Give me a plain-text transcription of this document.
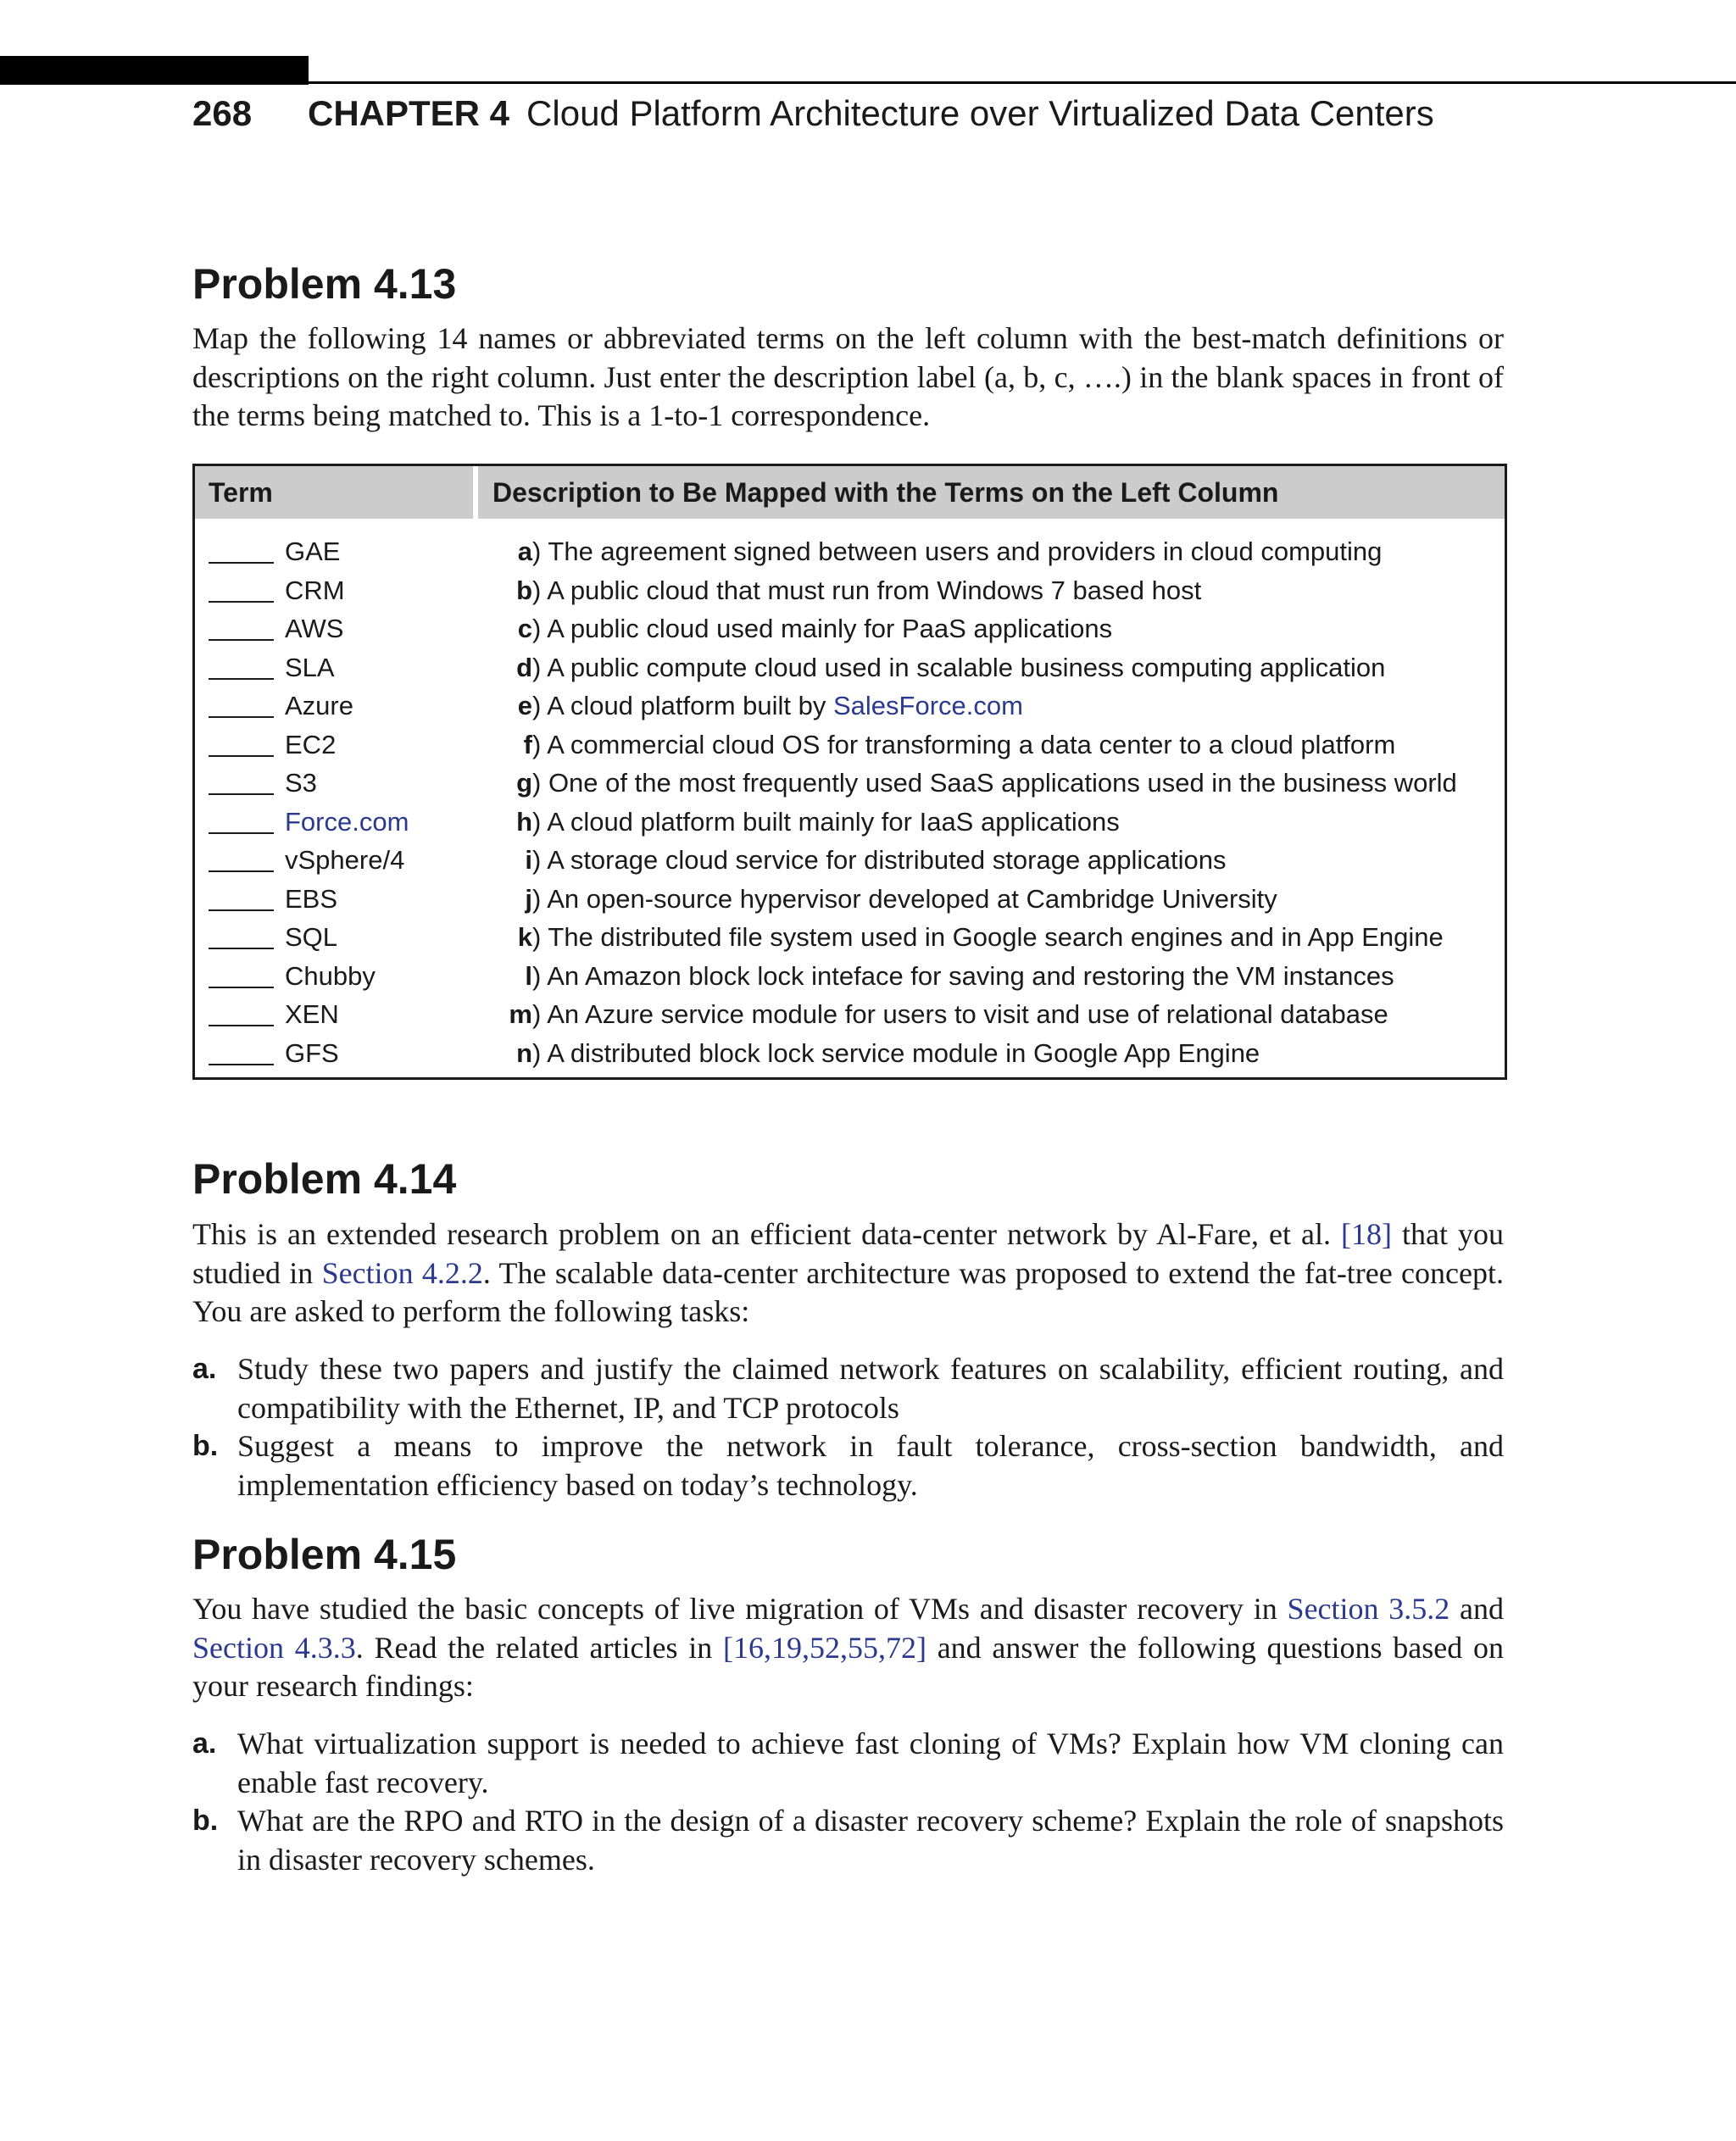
268	CHAPTER 4 Cloud Platform Architecture over Virtualized Data Centers
Problem 4.13
Map the following 14 names or abbreviated terms on the left column with the best-match definitions or descriptions on the right column. Just enter the description label (a, b, c, ….) in the blank spaces in front of the terms being matched to. This is a 1-to-1 correspondence.
Term	Description to Be Mapped with the Terms on the Left Column
GAE	a ) The agreement signed between users and providers in cloud computing
CRM	b ) A public cloud that must run from Windows 7 based host
AWS	c ) A public cloud used mainly for PaaS applications
SLA	d ) A public compute cloud used in scalable business computing application
Azure	e ) A cloud platform built by SalesForce.com
EC2	f ) A commercial cloud OS for transforming a data center to a cloud platform
S3	g ) One of the most frequently used SaaS applications used in the business world
Force.com	h ) A cloud platform built mainly for IaaS applications
vSphere/4	i ) A storage cloud service for distributed storage applications
EBS	j ) An open-source hypervisor developed at Cambridge University
SQL	k ) The distributed file system used in Google search engines and in App Engine
Chubby	l ) An Amazon block lock inteface for saving and restoring the VM instances
XEN	m ) An Azure service module for users to visit and use of relational database
GFS	n ) A distributed block lock service module in Google App Engine
Problem 4.14
This is an extended research problem on an efficient data-center network by Al-Fare, et al. [18] that you studied in Section 4.2.2. The scalable data-center architecture was proposed to extend the fat-tree concept. You are asked to perform the following tasks:
a. Study these two papers and justify the claimed network features on scalability, efficient routing, and compatibility with the Ethernet, IP, and TCP protocols
b. Suggest a means to improve the network in fault tolerance, cross-section bandwidth, and implementation efficiency based on today’s technology.
Problem 4.15
You have studied the basic concepts of live migration of VMs and disaster recovery in Section 3.5.2 and Section 4.3.3. Read the related articles in [16,19,52,55,72] and answer the following questions based on your research findings:
a. What virtualization support is needed to achieve fast cloning of VMs? Explain how VM cloning can enable fast recovery.
b. What are the RPO and RTO in the design of a disaster recovery scheme? Explain the role of snapshots in disaster recovery schemes.
